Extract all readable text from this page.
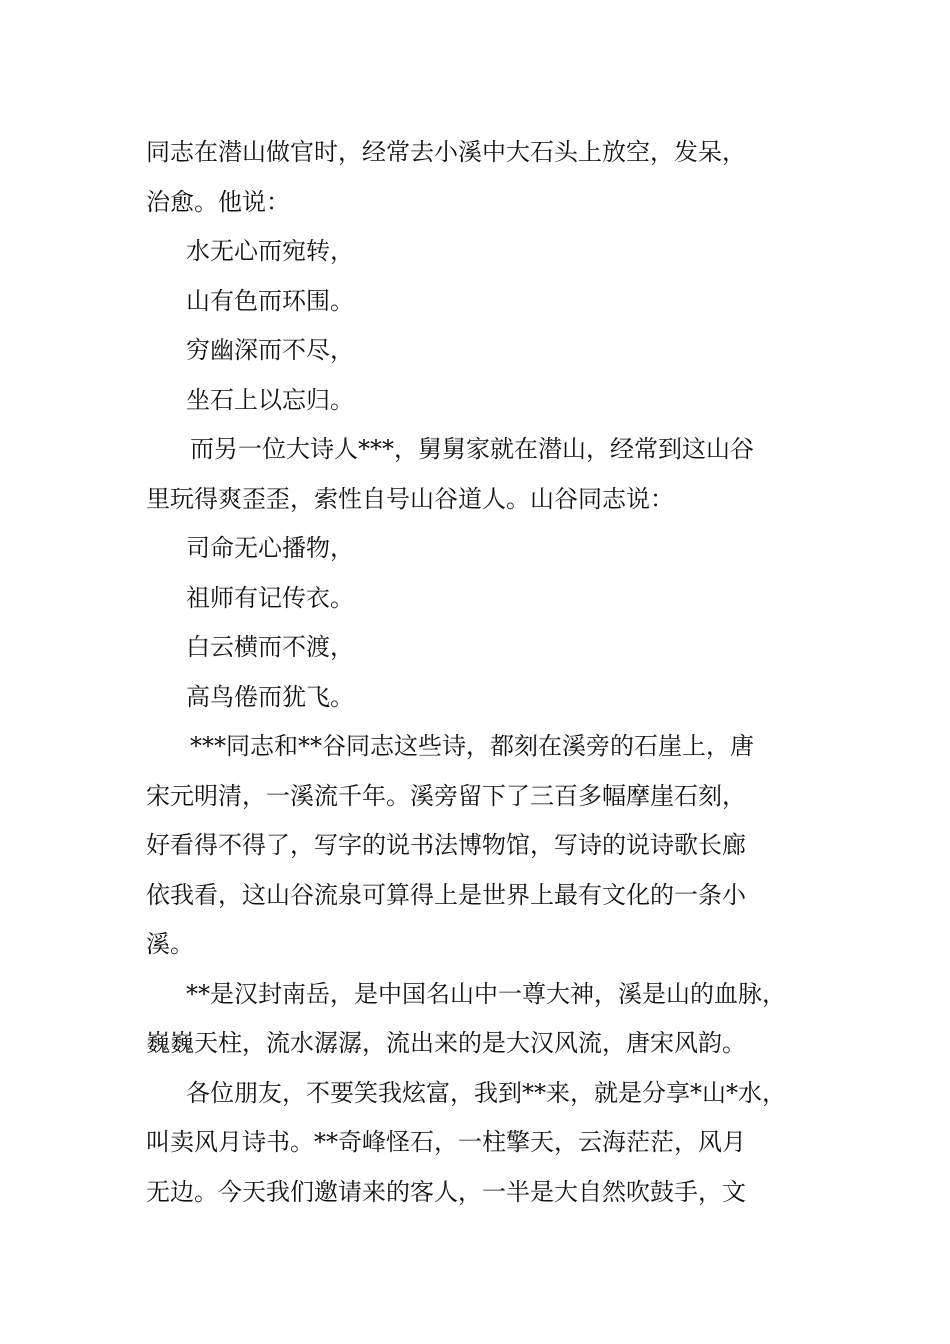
同志在潜山做官时，经常去小溪中大石头上放空，发呆，
治愈。他说：
水无心而宛转，
山有色而环围。
穷幽深而不尽，
坐石上以忘归。
而另一位大诗人***，舅舅家就在潜山，经常到这山谷
里玩得爽歪歪，索性自号山谷道人。山谷同志说：
司命无心播物，
祖师有记传衣。
白云横而不渡，
高鸟倦而犹飞。
***同志和**谷同志这些诗，都刻在溪旁的石崖上，唐
宋元明清，一溪流千年。溪旁留下了三百多幅摩崖石刻，
好看得不得了，写字的说书法博物馆，写诗的说诗歌长廊
依我看，这山谷流泉可算得上是世界上最有文化的一条小
溪。
**是汉封南岳，是中国名山中一尊大神，溪是山的血脉，
巍巍天柱，流水潺潺，流出来的是大汉风流，唐宋风韵。
各位朋友，不要笑我炫富，我到**来，就是分享*山*水，
叫卖风月诗书。**奇峰怪石，一柱擎天，云海茫茫，风月
无边。今天我们邀请来的客人，一半是大自然吹鼓手，文
